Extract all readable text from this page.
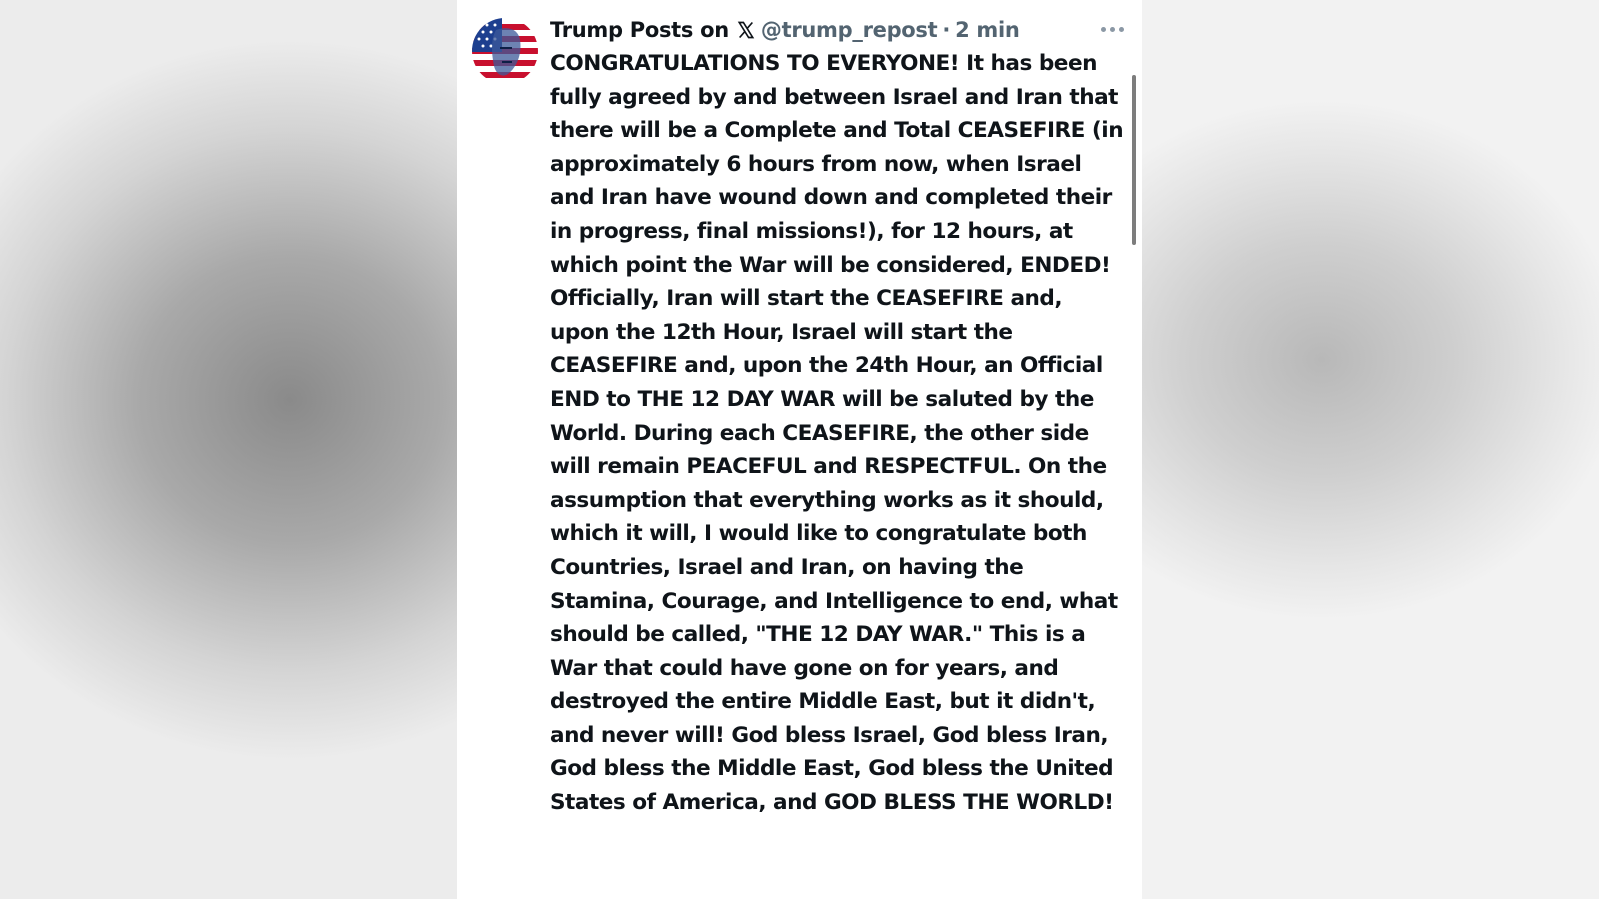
Trump Posts on @trump_repost · 2 min

CONGRATULATIONS TO EVERYONE! It has been fully agreed by and between Israel and Iran that there will be a Complete and Total CEASEFIRE (in approximately 6 hours from now, when Israel and Iran have wound down and completed their in progress, final missions!), for 12 hours, at which point the War will be considered, ENDED! Officially, Iran will start the CEASEFIRE and, upon the 12th Hour, Israel will start the CEASEFIRE and, upon the 24th Hour, an Official END to THE 12 DAY WAR will be saluted by the World. During each CEASEFIRE, the other side will remain PEACEFUL and RESPECTFUL. On the assumption that everything works as it should, which it will, I would like to congratulate both Countries, Israel and Iran, on having the Stamina, Courage, and Intelligence to end, what should be called, "THE 12 DAY WAR." This is a War that could have gone on for years, and destroyed the entire Middle East, but it didn't, and never will! God bless Israel, God bless Iran, God bless the Middle East, God bless the United States of America, and GOD BLESS THE WORLD!
